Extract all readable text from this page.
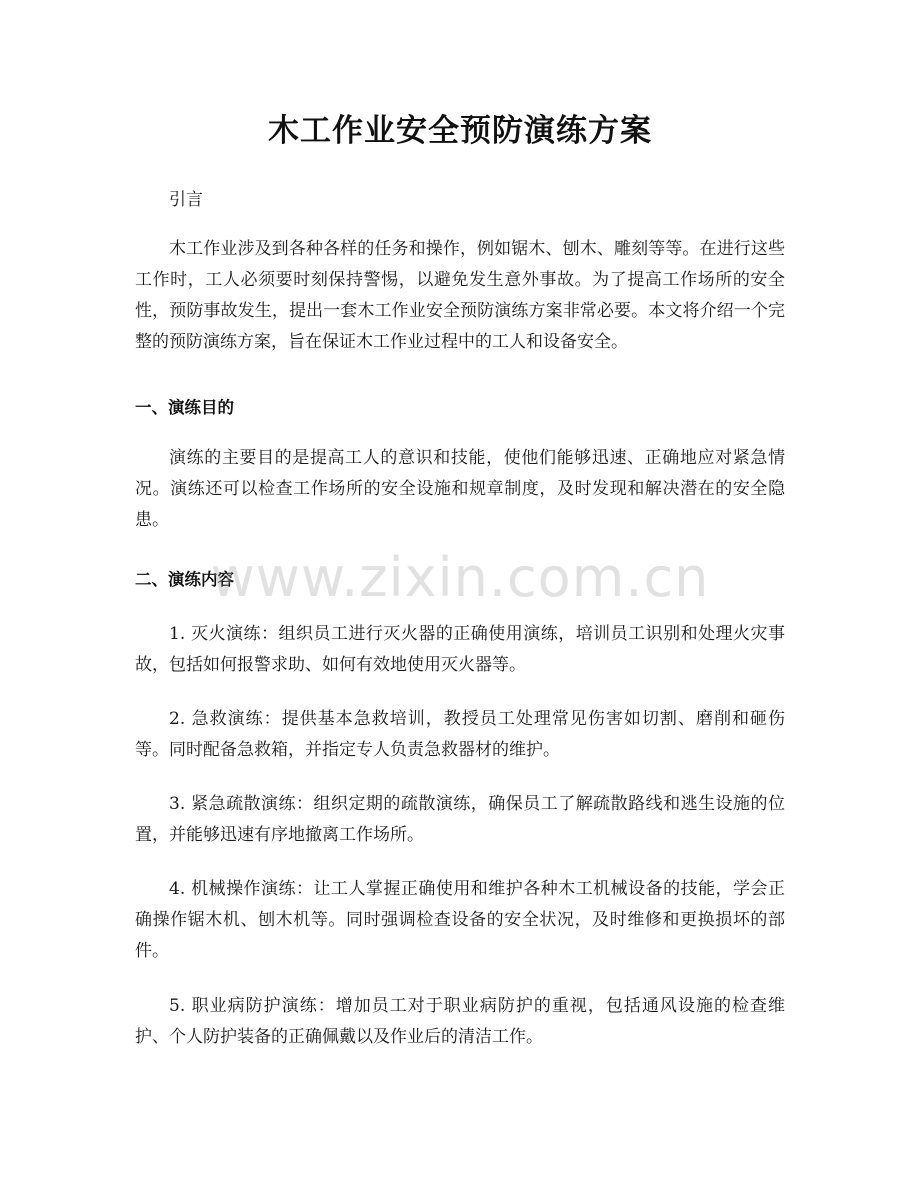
木工作业安全预防演练方案
引言
木工作业涉及到各种各样的任务和操作，例如锯木、刨木、雕刻等等。在进行这些工作时，工人必须要时刻保持警惕，以避免发生意外事故。为了提高工作场所的安全性，预防事故发生，提出一套木工作业安全预防演练方案非常必要。本文将介绍一个完整的预防演练方案，旨在保证木工作业过程中的工人和设备安全。
一、演练目的
演练的主要目的是提高工人的意识和技能，使他们能够迅速、正确地应对紧急情况。演练还可以检查工作场所的安全设施和规章制度，及时发现和解决潜在的安全隐患。
二、演练内容
1. 灭火演练：组织员工进行灭火器的正确使用演练，培训员工识别和处理火灾事故，包括如何报警求助、如何有效地使用灭火器等。
2. 急救演练：提供基本急救培训，教授员工处理常见伤害如切割、磨削和砸伤等。同时配备急救箱，并指定专人负责急救器材的维护。
3. 紧急疏散演练：组织定期的疏散演练，确保员工了解疏散路线和逃生设施的位置，并能够迅速有序地撤离工作场所。
4. 机械操作演练：让工人掌握正确使用和维护各种木工机械设备的技能，学会正确操作锯木机、刨木机等。同时强调检查设备的安全状况，及时维修和更换损坏的部件。
5. 职业病防护演练：增加员工对于职业病防护的重视，包括通风设施的检查维护、个人防护装备的正确佩戴以及作业后的清洁工作。
www.zixin.com.cn
